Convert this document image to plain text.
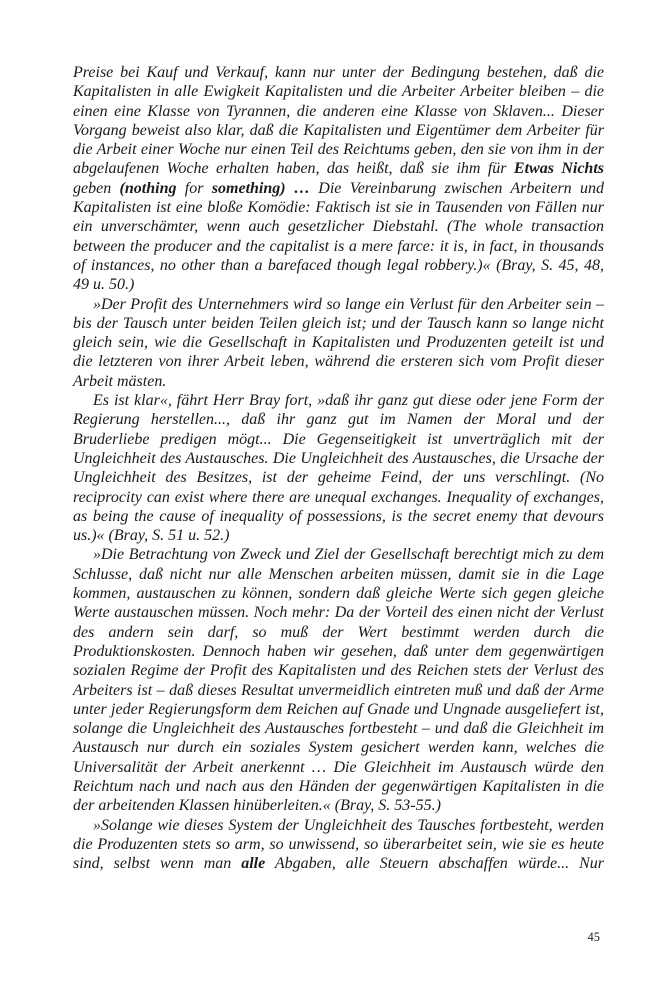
Preise bei Kauf und Verkauf, kann nur unter der Bedingung bestehen, daß die Kapitalisten in alle Ewigkeit Kapitalisten und die Arbeiter Arbeiter bleiben – die einen eine Klasse von Tyrannen, die anderen eine Klasse von Sklaven... Dieser Vorgang beweist also klar, daß die Kapitalisten und Eigentümer dem Arbeiter für die Arbeit einer Woche nur einen Teil des Reichtums geben, den sie von ihm in der abgelaufenen Woche erhalten haben, das heißt, daß sie ihm für Etwas Nichts geben (nothing for something) … Die Vereinbarung zwischen Arbeitern und Kapitalisten ist eine bloße Komödie: Faktisch ist sie in Tausenden von Fällen nur ein unverschämter, wenn auch gesetzlicher Diebstahl. (The whole transaction between the producer and the capitalist is a mere farce: it is, in fact, in thousands of instances, no other than a barefaced though legal robbery.)« (Bray, S. 45, 48, 49 u. 50.)

»Der Profit des Unternehmers wird so lange ein Verlust für den Arbeiter sein – bis der Tausch unter beiden Teilen gleich ist; und der Tausch kann so lange nicht gleich sein, wie die Gesellschaft in Kapitalisten und Produzenten geteilt ist und die letzteren von ihrer Arbeit leben, während die ersteren sich vom Profit dieser Arbeit mästen.

Es ist klar«, fährt Herr Bray fort, »daß ihr ganz gut diese oder jene Form der Regierung herstellen..., daß ihr ganz gut im Namen der Moral und der Bruderliebe predigen mögt... Die Gegenseitigkeit ist unverträglich mit der Ungleichheit des Austausches. Die Ungleichheit des Austausches, die Ursache der Ungleichheit des Besitzes, ist der geheime Feind, der uns verschlingt. (No reciprocity can exist where there are unequal exchanges. Inequality of exchanges, as being the cause of inequality of possessions, is the secret enemy that devours us.)« (Bray, S. 51 u. 52.)

»Die Betrachtung von Zweck und Ziel der Gesellschaft berechtigt mich zu dem Schlusse, daß nicht nur alle Menschen arbeiten müssen, damit sie in die Lage kommen, austauschen zu können, sondern daß gleiche Werte sich gegen gleiche Werte austauschen müssen. Noch mehr: Da der Vorteil des einen nicht der Verlust des andern sein darf, so muß der Wert bestimmt werden durch die Produktionskosten. Dennoch haben wir gesehen, daß unter dem gegenwärtigen sozialen Regime der Profit des Kapitalisten und des Reichen stets der Verlust des Arbeiters ist – daß dieses Resultat unvermeidlich eintreten muß und daß der Arme unter jeder Regierungsform dem Reichen auf Gnade und Ungnade ausgeliefert ist, solange die Ungleichheit des Austausches fortbesteht – und daß die Gleichheit im Austausch nur durch ein soziales System gesichert werden kann, welches die Universalität der Arbeit anerkennt … Die Gleichheit im Austausch würde den Reichtum nach und nach aus den Händen der gegenwärtigen Kapitalisten in die der arbeitenden Klassen hinüberleiten.« (Bray, S. 53-55.)

»Solange wie dieses System der Ungleichheit des Tausches fortbesteht, werden die Produzenten stets so arm, so unwissend, so überarbeitet sein, wie sie es heute sind, selbst wenn man alle Abgaben, alle Steuern abschaffen würde... Nur

45
